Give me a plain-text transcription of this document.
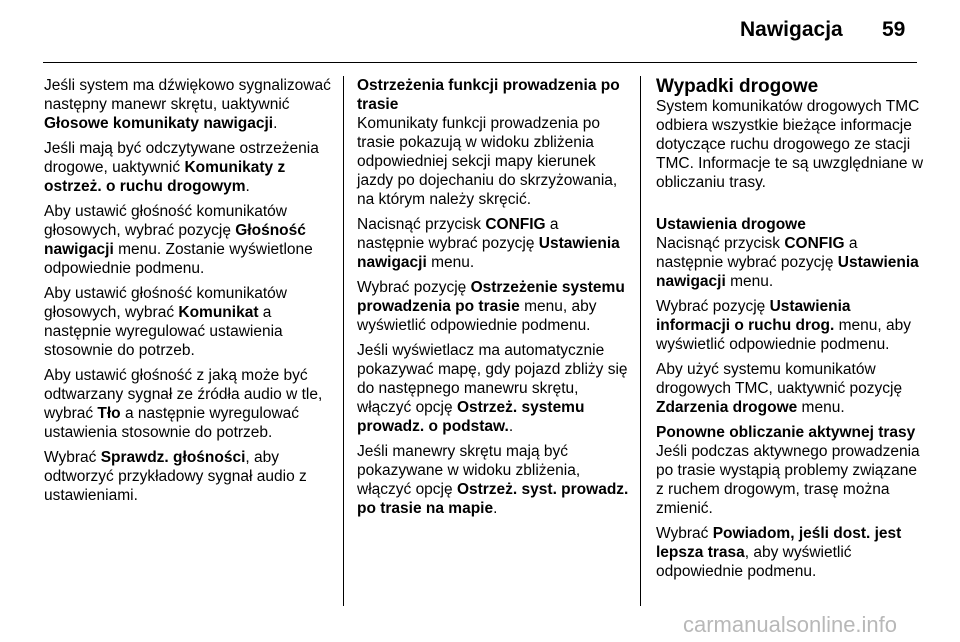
Nawigacja 59

Jeśli system ma dźwiękowo sygnalizować następny manewr skrętu, uaktywnić Głosowe komunikaty nawigacji.

Jeśli mają być odczytywane ostrzeżenia drogowe, uaktywnić Komunikaty z ostrzeż. o ruchu drogowym.

Aby ustawić głośność komunikatów głosowych, wybrać pozycję Głośność nawigacji menu. Zostanie wyświetlone odpowiednie podmenu.

Aby ustawić głośność komunikatów głosowych, wybrać Komunikat a następnie wyregulować ustawienia stosownie do potrzeb.

Aby ustawić głośność z jaką może być odtwarzany sygnał ze źródła audio w tle, wybrać Tło a następnie wyregulować ustawienia stosownie do potrzeb.

Wybrać Sprawdz. głośności, aby odtworzyć przykładowy sygnał audio z ustawieniami.

Ostrzeżenia funkcji prowadzenia po trasie

Komunikaty funkcji prowadzenia po trasie pokazują w widoku zbliżenia odpowiedniej sekcji mapy kierunek jazdy po dojechaniu do skrzyżowania, na którym należy skręcić.

Nacisnąć przycisk CONFIG a następnie wybrać pozycję Ustawienia nawigacji menu.

Wybrać pozycję Ostrzeżenie systemu prowadzenia po trasie menu, aby wyświetlić odpowiednie podmenu.

Jeśli wyświetlacz ma automatycznie pokazywać mapę, gdy pojazd zbliży się do następnego manewru skrętu, włączyć opcję Ostrzeż. systemu prowadz. o podstaw..

Jeśli manewry skrętu mają być pokazywane w widoku zbliżenia, włączyć opcję Ostrzeż. syst. prowadz. po trasie na mapie.

Wypadki drogowe

System komunikatów drogowych TMC odbiera wszystkie bieżące informacje dotyczące ruchu drogowego ze stacji TMC. Informacje te są uwzględniane w obliczaniu trasy.

Ustawienia drogowe

Nacisnąć przycisk CONFIG a następnie wybrać pozycję Ustawienia nawigacji menu.

Wybrać pozycję Ustawienia informacji o ruchu drog. menu, aby wyświetlić odpowiednie podmenu.

Aby użyć systemu komunikatów drogowych TMC, uaktywnić pozycję Zdarzenia drogowe menu.

Ponowne obliczanie aktywnej trasy

Jeśli podczas aktywnego prowadzenia po trasie wystąpią problemy związane z ruchem drogowym, trasę można zmienić.

Wybrać Powiadom, jeśli dost. jest lepsza trasa, aby wyświetlić odpowiednie podmenu.

carmanualsonline.info
